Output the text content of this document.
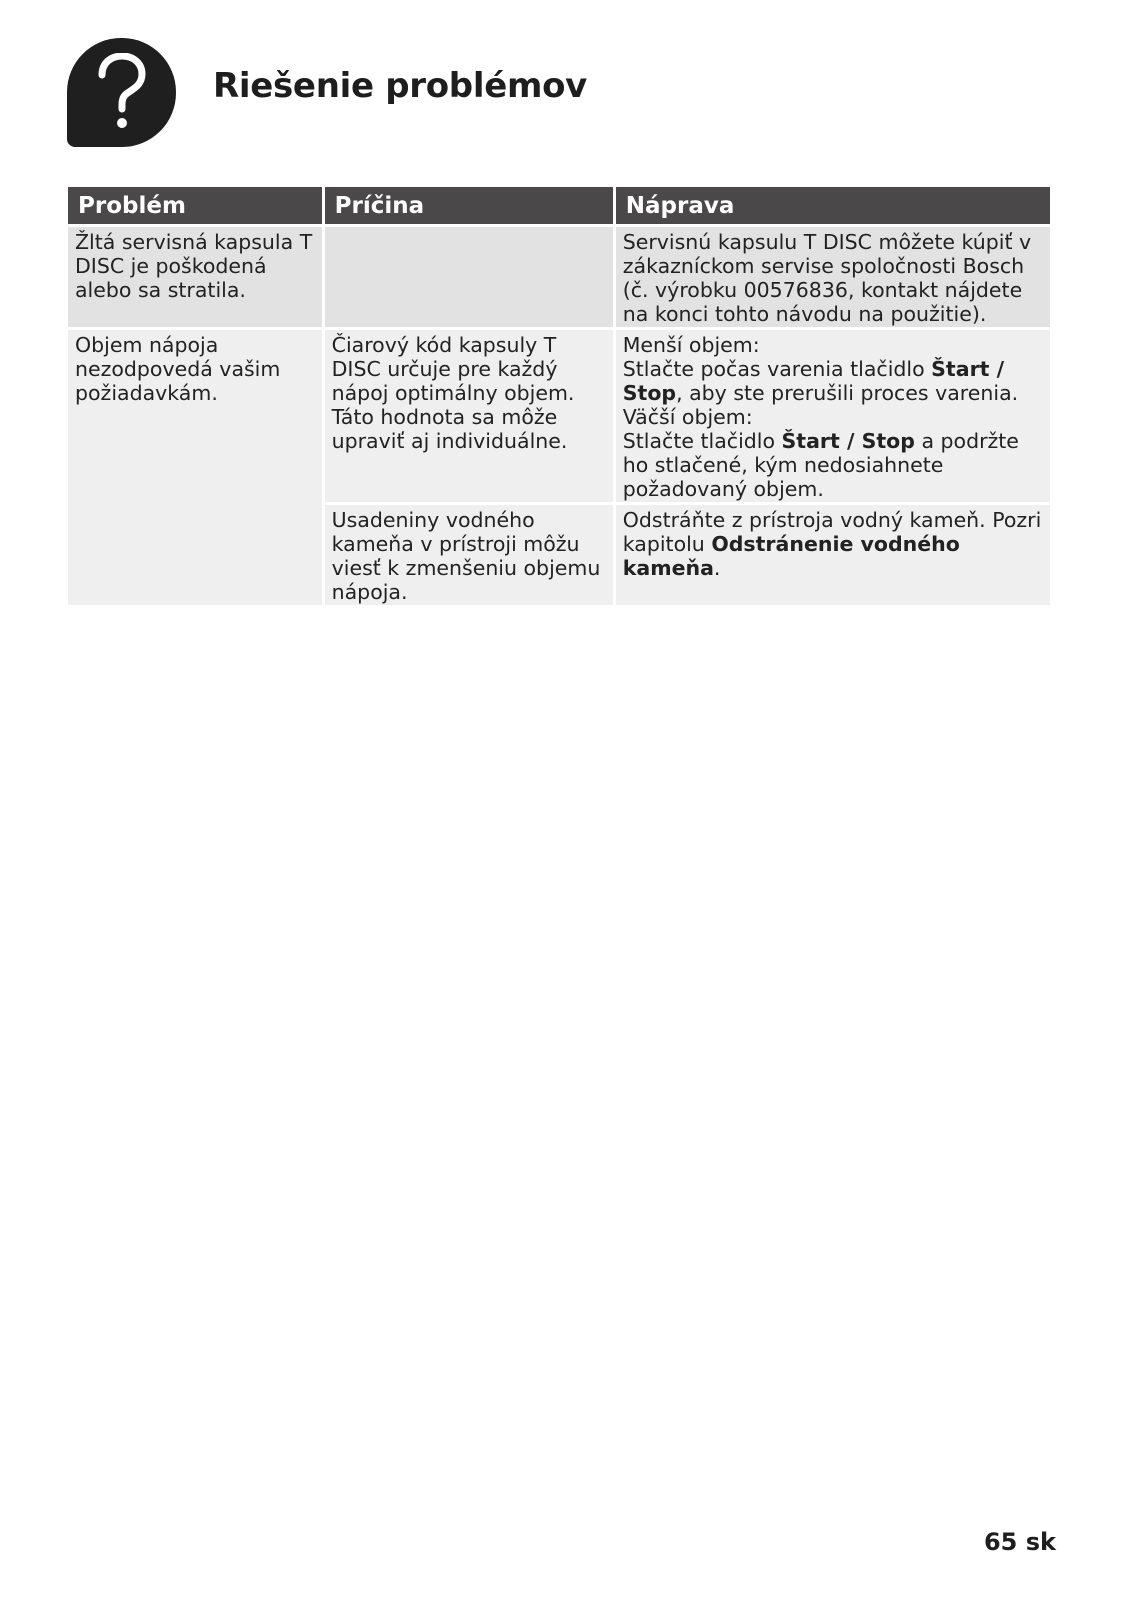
Riešenie problémov
Problém	Príčina	Náprava
Žltá servisná kapsula T DISC je poškodená alebo sa stratila.		Servisnú kapsulu T DISC môžete kúpiť v zákazníckom servise spoločnosti Bosch (č. výrobku 00576836, kontakt nájdete na konci tohto návodu na použitie).
Objem nápoja nezodpovedá vašim požiadavkám.	Čiarový kód kapsuly T DISC určuje pre každý nápoj optimálny objem. Táto hodnota sa môže upraviť aj individuálne.	Menší objem:
Stlačte počas varenia tlačidlo Štart / Stop, aby ste prerušili proces varenia.
Väčší objem:
Stlačte tlačidlo Štart / Stop a podržte ho stlačené, kým nedosiahnete požadovaný objem.
	Usadeniny vodného kameňa v prístroji môžu viesť k zmenšeniu objemu nápoja.	Odstráňte z prístroja vodný kameň. Pozri kapitolu Odstránenie vodného kameňa.
65 sk
